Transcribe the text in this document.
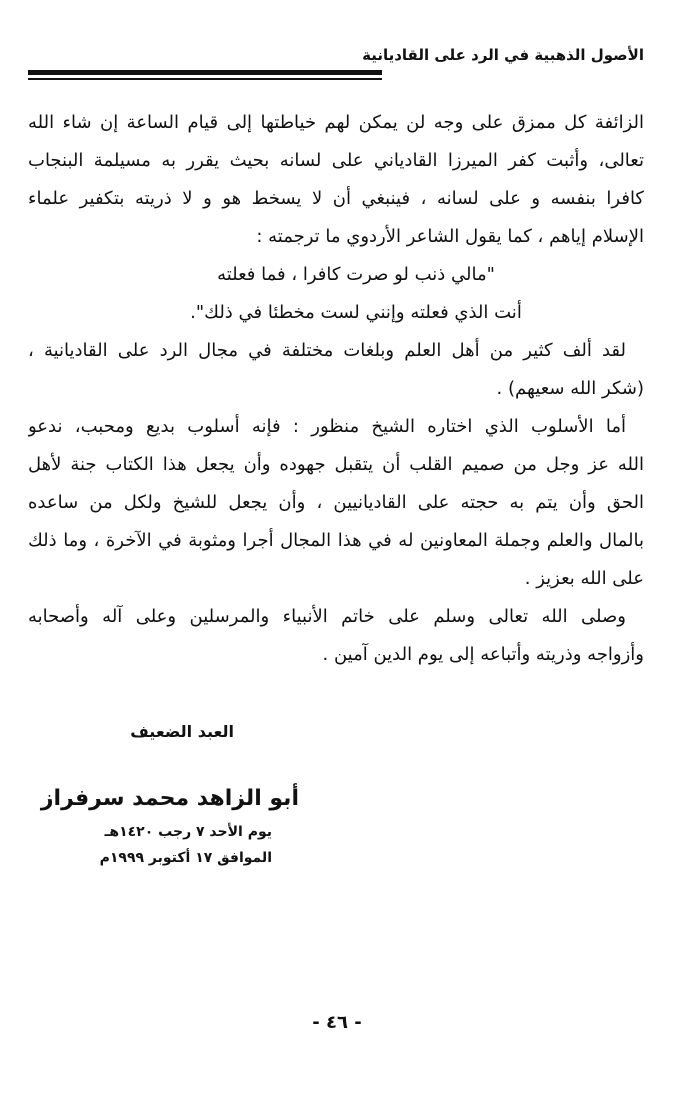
الأصول الذهبية في الرد على القاديانية
الزائفة كل ممزق على وجه لن يمكن لهم خياطتها إلى قيام الساعة إن شاء الله
تعالى، وأثبت كفر الميرزا القادياني على لسانه بحيث يقرر به مسيلمة البنجاب
كافرا بنفسه و على لسانه ، فينبغي أن لا يسخط هو و لا ذريته بتكفير علماء
الإسلام إياهم ، كما يقول الشاعر الأردوي ما ترجمته :
"مالي ذنب لو صرت كافرا ، فما فعلته
أنت الذي فعلته وإنني لست مخطئا في ذلك".
لقد ألف كثير من أهل العلم وبلغات مختلفة في مجال الرد على القاديانية ،
(شكر الله سعيهم) .
أما الأسلوب الذي اختاره الشيخ منظور : فإنه أسلوب بديع ومحبب، ندعو
الله عز وجل من صميم القلب أن يتقبل جهوده وأن يجعل هذا الكتاب جنة لأهل
الحق وأن يتم به حجته على القاديانيين ، وأن يجعل للشيخ ولكل من ساعده
بالمال والعلم وجملة المعاونين له في هذا المجال أجرا ومثوبة في الآخرة ، وما ذلك
على الله بعزيز .
وصلى الله تعالى وسلم على خاتم الأنبياء والمرسلين وعلى آله وأصحابه
وأزواجه وذريته وأتباعه إلى يوم الدين آمين .
العبد الضعيف
أبو الزاهد محمد سرفراز
يوم الأحد ٧ رجب ١٤٢٠هـ
الموافق ١٧ أكتوبر ١٩٩٩م
- ٤٦ -
